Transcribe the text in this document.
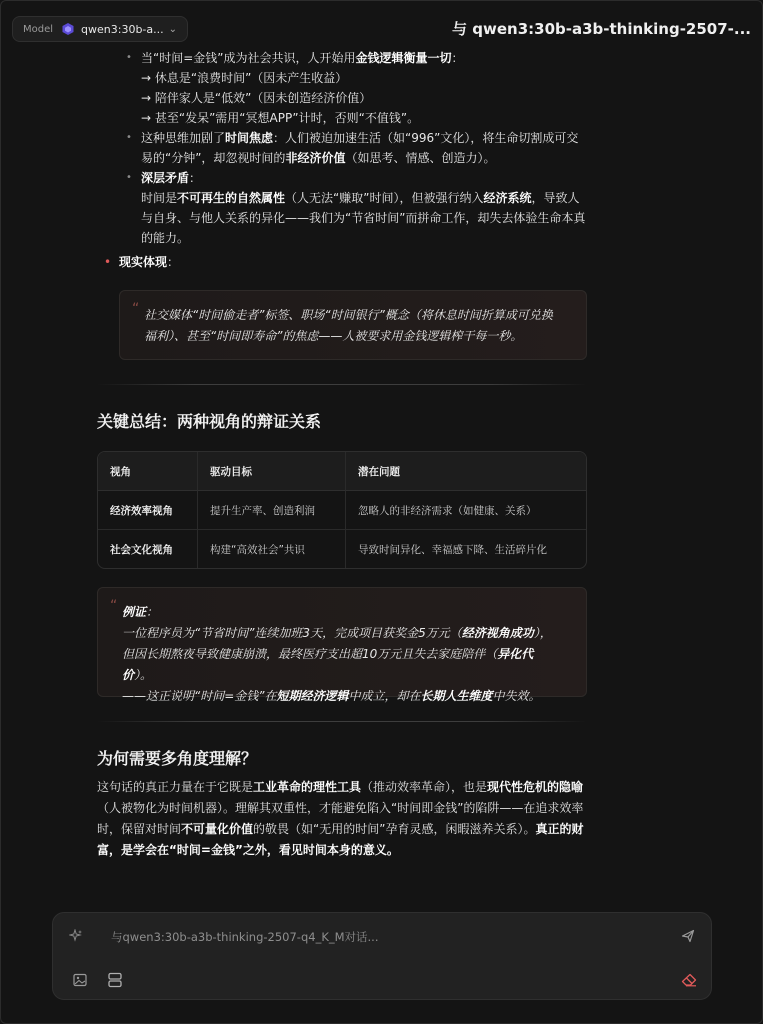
Model	qwen3:30b-a... ⌄	与 qwen3:30b-a3b-thinking-2507-...
• 当“时间=金钱”成为社会共识，人开始用金钱逻辑衡量一切：
→ 休息是“浪费时间”（因未产生收益）
→ 陪伴家人是“低效”（因未创造经济价值）
→ 甚至“发呆”需用“冥想APP”计时，否则“不值钱”。
• 这种思维加剧了时间焦虑：人们被迫加速生活（如“996”文化），将生命切割成可交易的“分钟”，却忽视时间的非经济价值（如思考、情感、创造力）。
• 深层矛盾：
时间是不可再生的自然属性（人无法“赚取”时间），但被强行纳入经济系统，导致人与自身、与他人关系的异化——我们为“节省时间”而拼命工作，却失去体验生命本真的能力。
• 现实体现：
“ 社交媒体“时间偷走者”标签、职场“时间银行”概念（将休息时间折算成可兑换福利）、甚至“时间即寿命”的焦虑——人被要求用金钱逻辑榨干每一秒。
关键总结：两种视角的辩证关系
视角	驱动目标	潜在问题
经济效率视角	提升生产率、创造利润	忽略人的非经济需求（如健康、关系）
社会文化视角	构建“高效社会”共识	导致时间异化、幸福感下降、生活碎片化
“ 例证：
一位程序员为“节省时间”连续加班3天，完成项目获奖金5万元（经济视角成功），但因长期熬夜导致健康崩溃，最终医疗支出超10万元且失去家庭陪伴（异化代价）。
——这正说明“时间=金钱”在短期经济逻辑中成立，却在长期人生维度中失效。
为何需要多角度理解？
这句话的真正力量在于它既是工业革命的理性工具（推动效率革命），也是现代性危机的隐喻（人被物化为时间机器）。理解其双重性，才能避免陷入“时间即金钱”的陷阱——在追求效率时，保留对时间不可量化价值的敬畏（如“无用的时间”孕育灵感，闲暇滋养关系）。真正的财富，是学会在“时间=金钱”之外，看见时间本身的意义。
与qwen3:30b-a3b-thinking-2507-q4_K_M对话...
